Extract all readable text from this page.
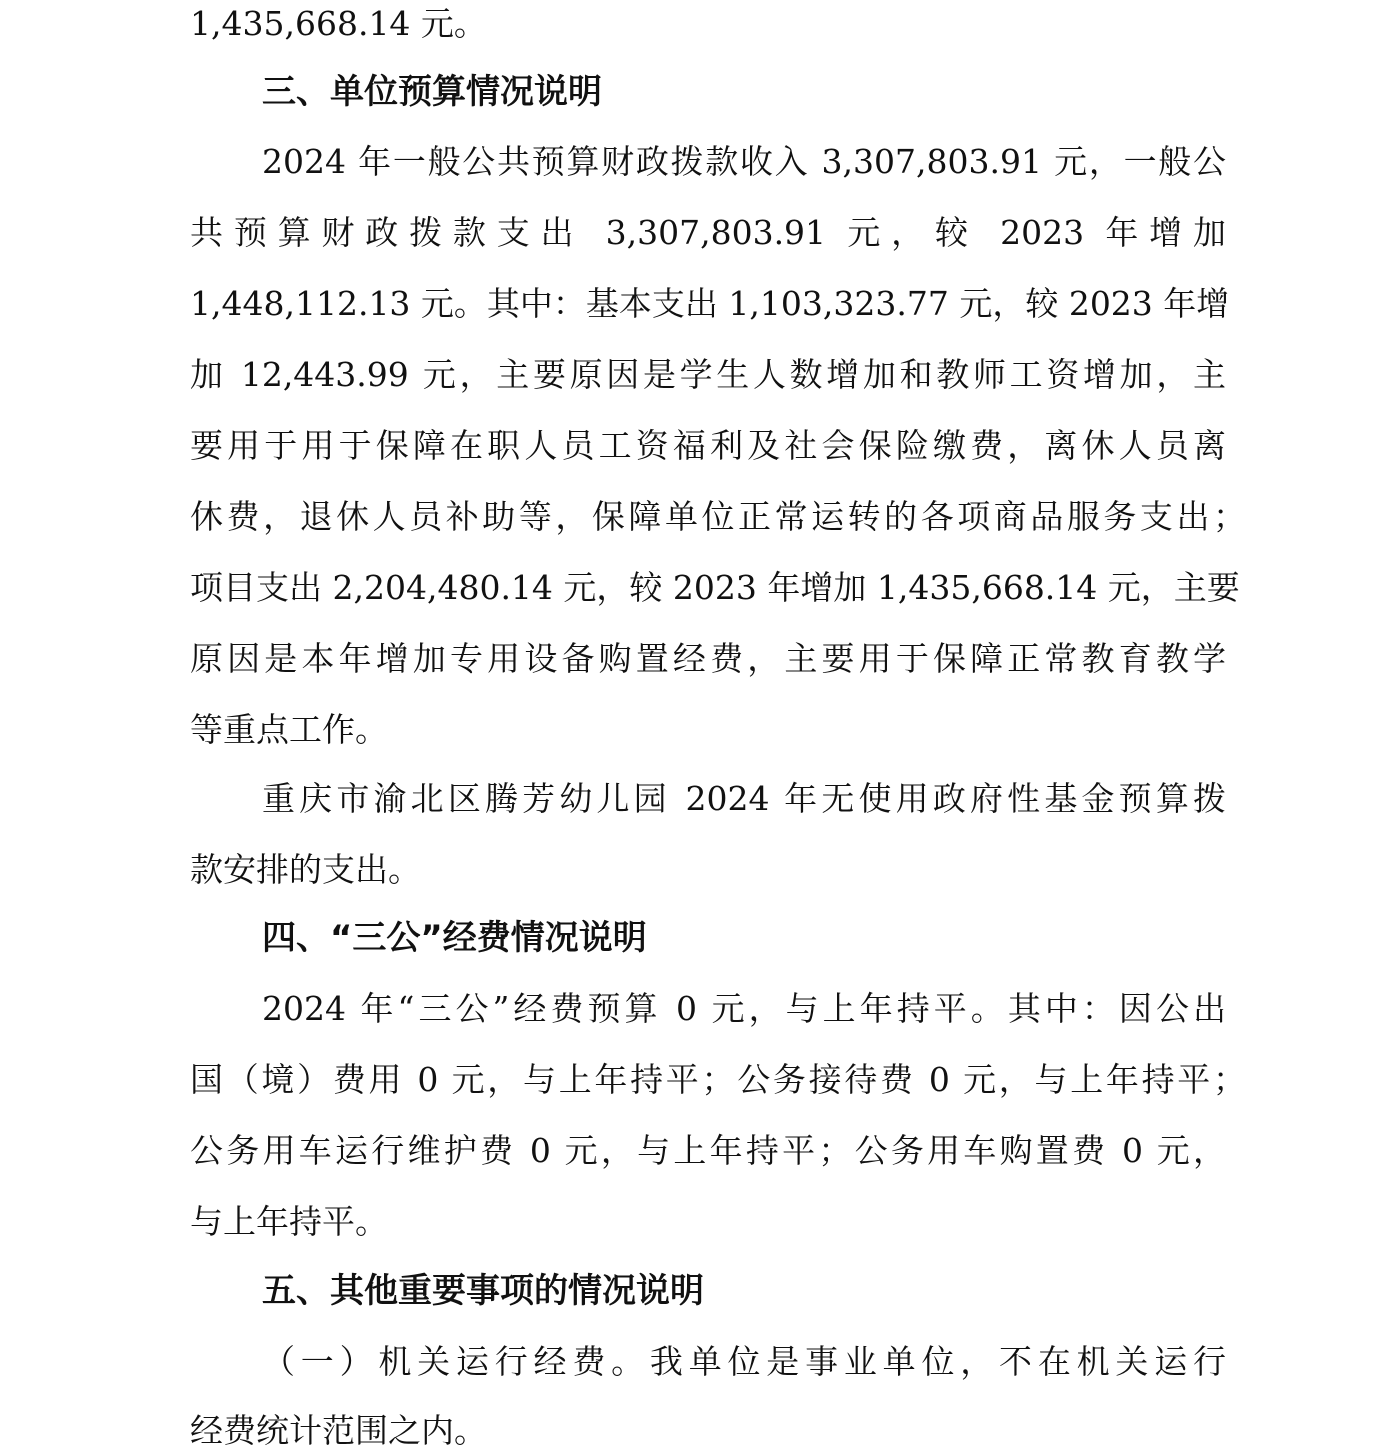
1,435,668.14 元。
三、单位预算情况说明
2024 年一般公共预算财政拨款收入 3,307,803.91 元，一般公
共预算财政拨款支出 3,307,803.91 元，较 2023 年增加
1,448,112.13 元。其中：基本支出 1,103,323.77 元，较 2023 年增
加 12,443.99 元，主要原因是学生人数增加和教师工资增加，主
要用于用于保障在职人员工资福利及社会保险缴费，离休人员离
休费，退休人员补助等，保障单位正常运转的各项商品服务支出；
项目支出 2,204,480.14 元，较 2023 年增加 1,435,668.14 元，主要
原因是本年增加专用设备购置经费，主要用于保障正常教育教学
等重点工作。
重庆市渝北区腾芳幼儿园 2024 年无使用政府性基金预算拨
款安排的支出。
四、“三公”经费情况说明
2024 年“三公”经费预算 0 元，与上年持平。其中：因公出
国（境）费用 0 元，与上年持平；公务接待费 0 元，与上年持平；
公务用车运行维护费 0 元，与上年持平；公务用车购置费 0 元，
与上年持平。
五、其他重要事项的情况说明
（一）机关运行经费。我单位是事业单位，不在机关运行
经费统计范围之内。
